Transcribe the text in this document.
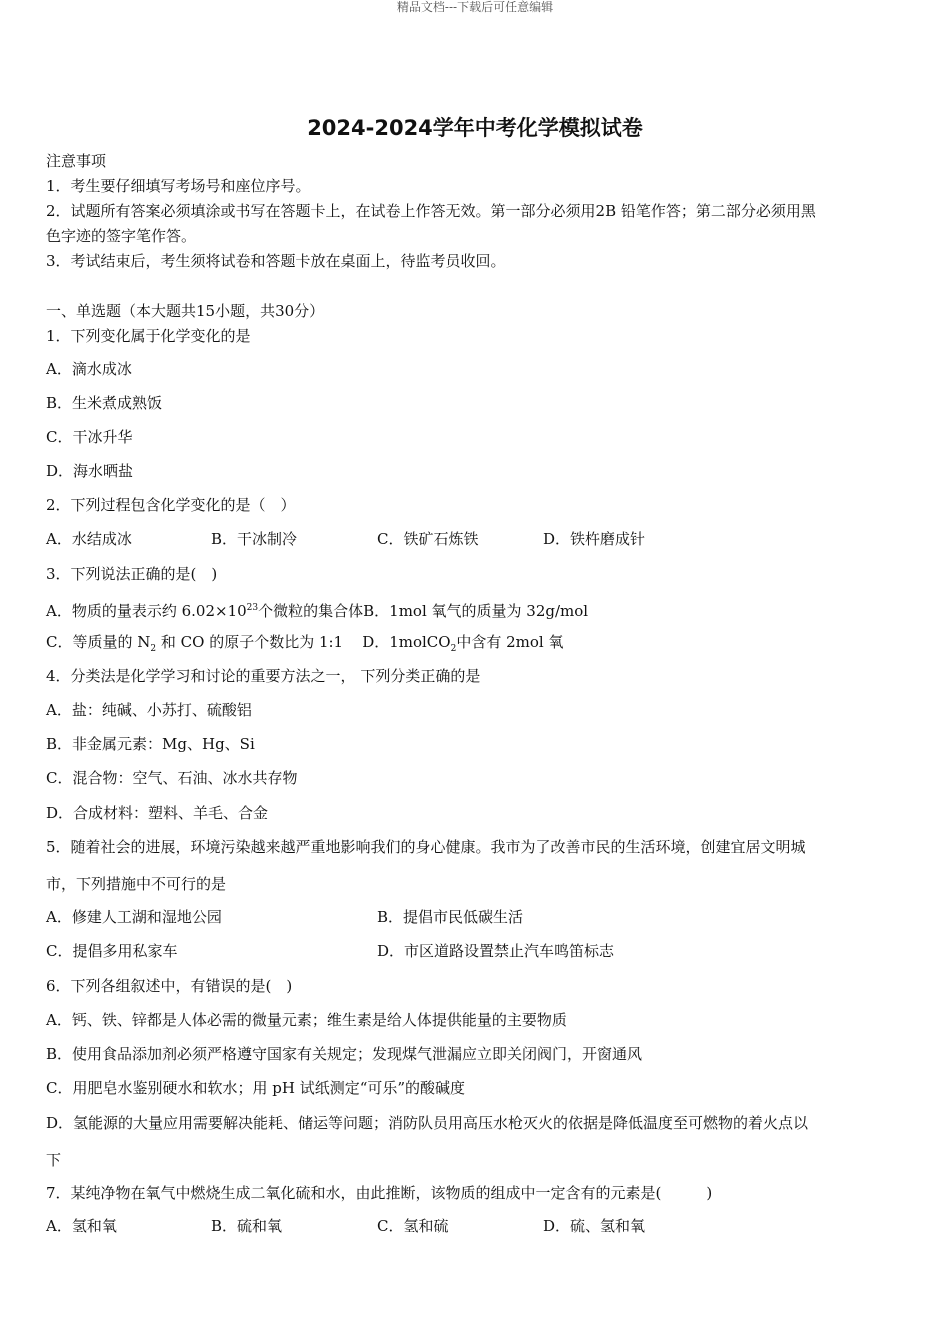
精品文档---下载后可任意编辑
2024-2024学年中考化学模拟试卷
注意事项
1．考生要仔细填写考场号和座位序号。
2．试题所有答案必须填涂或书写在答题卡上，在试卷上作答无效。第一部分必须用2B 铅笔作答；第二部分必须用黑
色字迹的签字笔作答。
3．考试结束后，考生须将试卷和答题卡放在桌面上，待监考员收回。
一、单选题（本大题共15小题，共30分）
1．下列变化属于化学变化的是
A．滴水成冰
B．生米煮成熟饭
C．干冰升华
D．海水晒盐
2．下列过程包含化学变化的是（　）
A．水结成冰	B．干冰制冷	C．铁矿石炼铁	D．铁杵磨成针
3．下列说法正确的是(　)
A．物质的量表示约 $6.02\times 10^{23}$个微粒的集合体B．1mol 氧气的质量为 32g/mol
C．等质量的 $N_2$ 和 CO 的原子个数比为 1:1 D．1molCO$_2$中含有 2mol 氧
4．分类法是化学学习和讨论的重要方法之一， 下列分类正确的是
A．盐：纯碱、小苏打、硫酸铝
B．非金属元素：Mg、Hg、Si
C．混合物：空气、石油、冰水共存物
D．合成材料：塑料、羊毛、合金
5．随着社会的进展，环境污染越来越严重地影响我们的身心健康。我市为了改善市民的生活环境，创建宜居文明城
市，下列措施中不可行的是
A．修建人工湖和湿地公园	B．提倡市民低碳生活
C．提倡多用私家车	D．市区道路设置禁止汽车鸣笛标志
6．下列各组叙述中，有错误的是(　)
A．钙、铁、锌都是人体必需的微量元素；维生素是给人体提供能量的主要物质
B．使用食品添加剂必须严格遵守国家有关规定；发现煤气泄漏应立即关闭阀门，开窗通风
C．用肥皂水鉴别硬水和软水；用 pH 试纸测定“可乐”的酸碱度
D．氢能源的大量应用需要解决能耗、储运等问题；消防队员用高压水枪灭火的依据是降低温度至可燃物的着火点以
下
7．某纯净物在氧气中燃烧生成二氧化硫和水，由此推断，该物质的组成中一定含有的元素是(　　　)
A．氢和氧	B．硫和氧	C．氢和硫	D．硫、氢和氧
